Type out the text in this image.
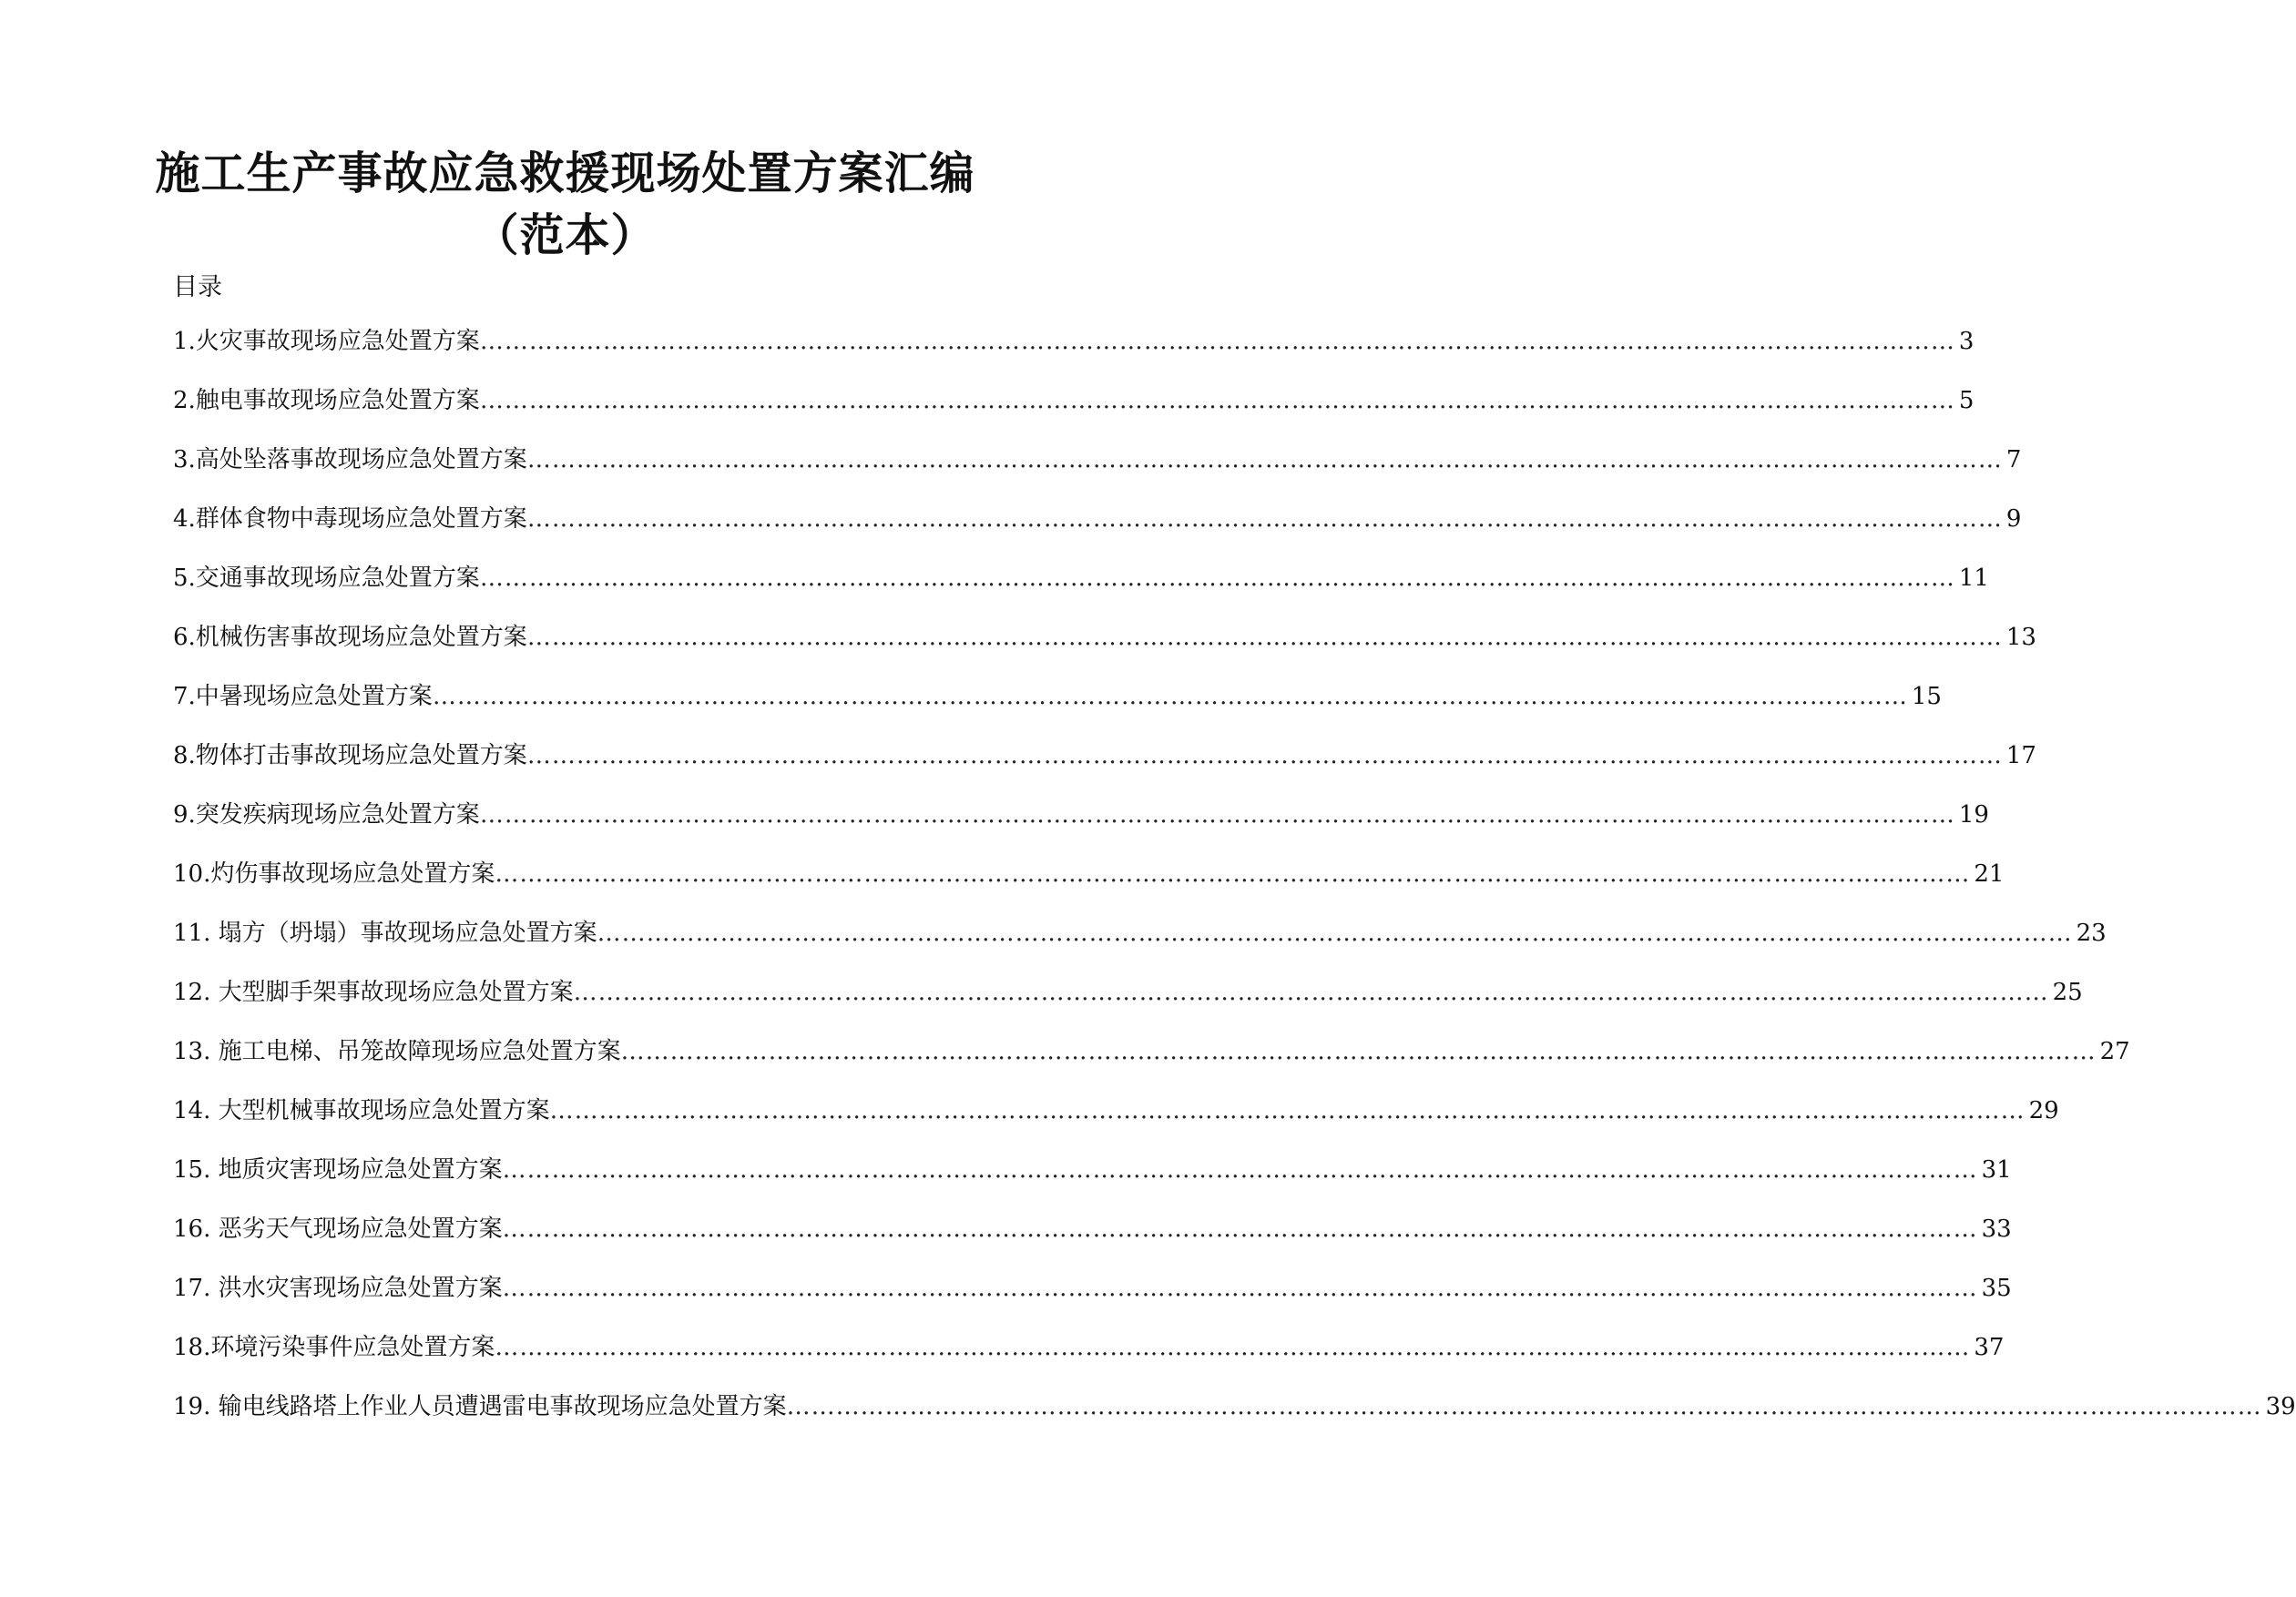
施工生产事故应急救援现场处置方案汇编
（范本）
目录
1.火灾事故现场应急处置方案 ……………………………………………………………………………………………………………………………………………………………… 3
2.触电事故现场应急处置方案 ……………………………………………………………………………………………………………………………………………………………… 5
3.高处坠落事故现场应急处置方案 ……………………………………………………………………………………………………………………………………………………………… 7
4.群体食物中毒现场应急处置方案 ……………………………………………………………………………………………………………………………………………………………… 9
5.交通事故现场应急处置方案 ……………………………………………………………………………………………………………………………………………………………… 11
6.机械伤害事故现场应急处置方案 ……………………………………………………………………………………………………………………………………………………………… 13
7.中暑现场应急处置方案 ……………………………………………………………………………………………………………………………………………………………… 15
8.物体打击事故现场应急处置方案 ……………………………………………………………………………………………………………………………………………………………… 17
9.突发疾病现场应急处置方案 ……………………………………………………………………………………………………………………………………………………………… 19
10.灼伤事故现场应急处置方案 ……………………………………………………………………………………………………………………………………………………………… 21
11. 塌方（坍塌）事故现场应急处置方案 ……………………………………………………………………………………………………………………………………………………………… 23
12. 大型脚手架事故现场应急处置方案 ……………………………………………………………………………………………………………………………………………………………… 25
13. 施工电梯、吊笼故障现场应急处置方案 ……………………………………………………………………………………………………………………………………………………………… 27
14. 大型机械事故现场应急处置方案 ……………………………………………………………………………………………………………………………………………………………… 29
15. 地质灾害现场应急处置方案 ……………………………………………………………………………………………………………………………………………………………… 31
16. 恶劣天气现场应急处置方案 ……………………………………………………………………………………………………………………………………………………………… 33
17. 洪水灾害现场应急处置方案 ……………………………………………………………………………………………………………………………………………………………… 35
18.环境污染事件应急处置方案 ……………………………………………………………………………………………………………………………………………………………… 37
19. 输电线路塔上作业人员遭遇雷电事故现场应急处置方案 ……………………………………………………………………………………………………………………………………………………………… 39
